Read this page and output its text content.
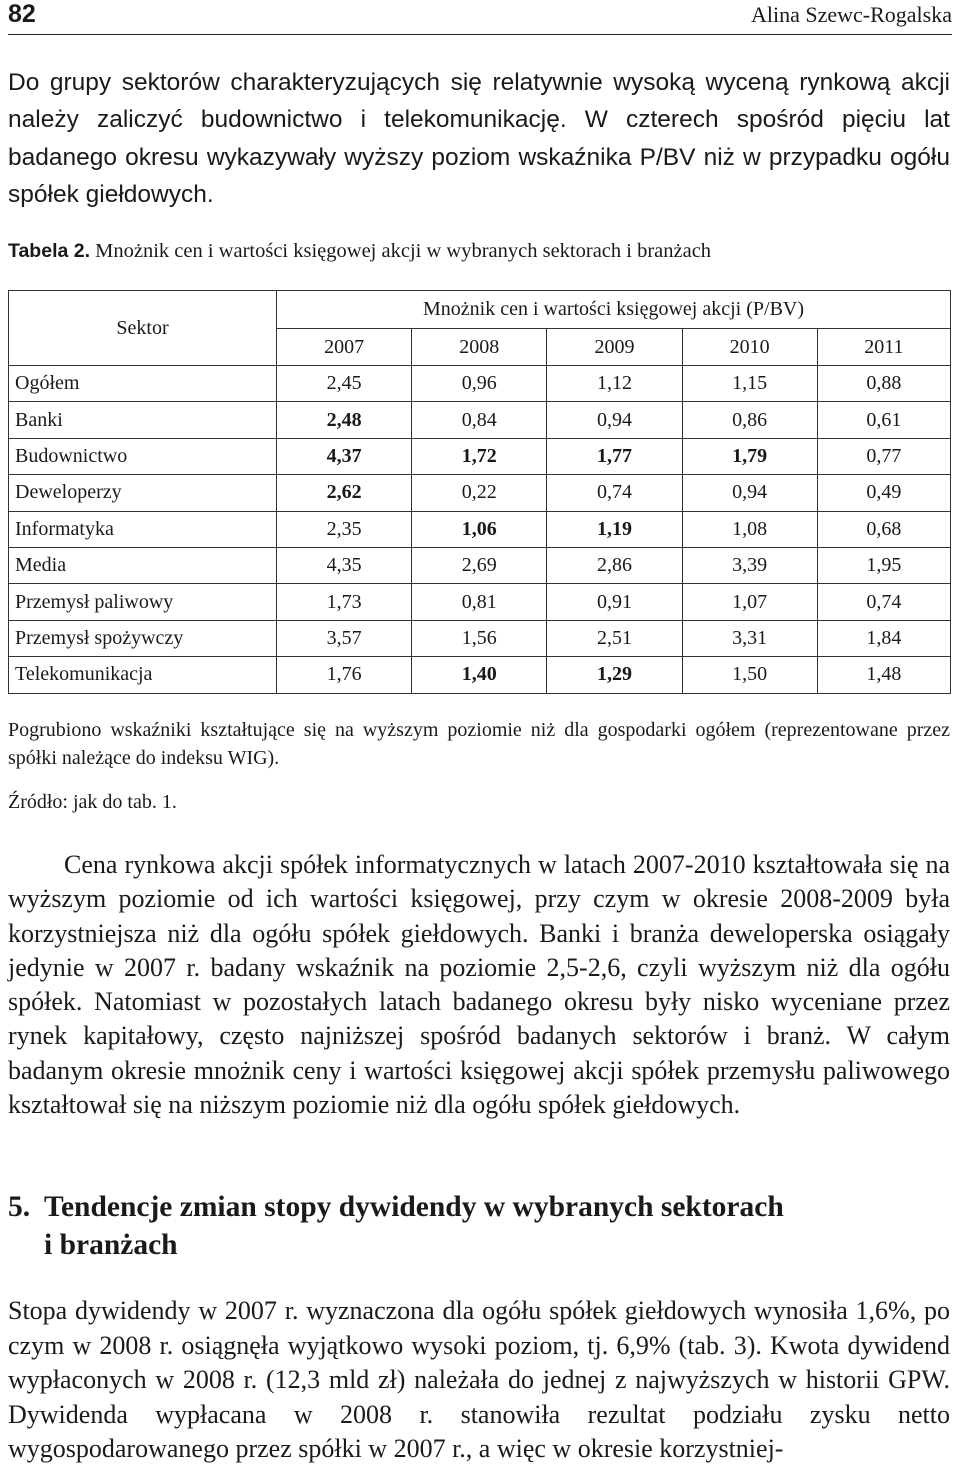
82	Alina Szewc-Rogalska

Do grupy sektorów charakteryzujących się relatywnie wysoką wyceną rynkową akcji należy zaliczyć budownictwo i telekomunikację. W czterech spośród pięciu lat badanego okresu wykazywały wyższy poziom wskaźnika P/BV niż w przypadku ogółu spółek giełdowych.

Tabela 2. Mnożnik cen i wartości księgowej akcji w wybranych sektorach i branżach
Sektor	Mnożnik cen i wartości księgowej akcji (P/BV)				
	2007	2008	2009	2010	2011
Ogółem	2,45	0,96	1,12	1,15	0,88
Banki	2,48	0,84	0,94	0,86	0,61
Budownictwo	4,37	1,72	1,77	1,79	0,77
Deweloperzy	2,62	0,22	0,74	0,94	0,49
Informatyka	2,35	1,06	1,19	1,08	0,68
Media	4,35	2,69	2,86	3,39	1,95
Przemysł paliwowy	1,73	0,81	0,91	1,07	0,74
Przemysł spożywczy	3,57	1,56	2,51	3,31	1,84
Telekomunikacja	1,76	1,40	1,29	1,50	1,48

Pogrubiono wskaźniki kształtujące się na wyższym poziomie niż dla gospodarki ogółem (reprezentowane przez spółki należące do indeksu WIG).

Źródło: jak do tab. 1.

Cena rynkowa akcji spółek informatycznych w latach 2007-2010 kształtowała się na wyższym poziomie od ich wartości księgowej, przy czym w okresie 2008-2009 była korzystniejsza niż dla ogółu spółek giełdowych. Banki i branża deweloperska osiągały jedynie w 2007 r. badany wskaźnik na poziomie 2,5-2,6, czyli wyższym niż dla ogółu spółek. Natomiast w pozostałych latach badanego okresu były nisko wyceniane przez rynek kapitałowy, często najniższej spośród badanych sektorów i branż. W całym badanym okresie mnożnik ceny i wartości księgowej akcji spółek przemysłu paliwowego kształtował się na niższym poziomie niż dla ogółu spółek giełdowych.

5. Tendencje zmian stopy dywidendy w wybranych sektorach
i branżach

Stopa dywidendy w 2007 r. wyznaczona dla ogółu spółek giełdowych wynosiła 1,6%, po czym w 2008 r. osiągnęła wyjątkowo wysoki poziom, tj. 6,9% (tab. 3). Kwota dywidend wypłaconych w 2008 r. (12,3 mld zł) należała do jednej z najwyższych w historii GPW. Dywidenda wypłacana w 2008 r. stanowiła rezultat podziału zysku netto wygospodarowanego przez spółki w 2007 r., a więc w okresie korzystniej-
